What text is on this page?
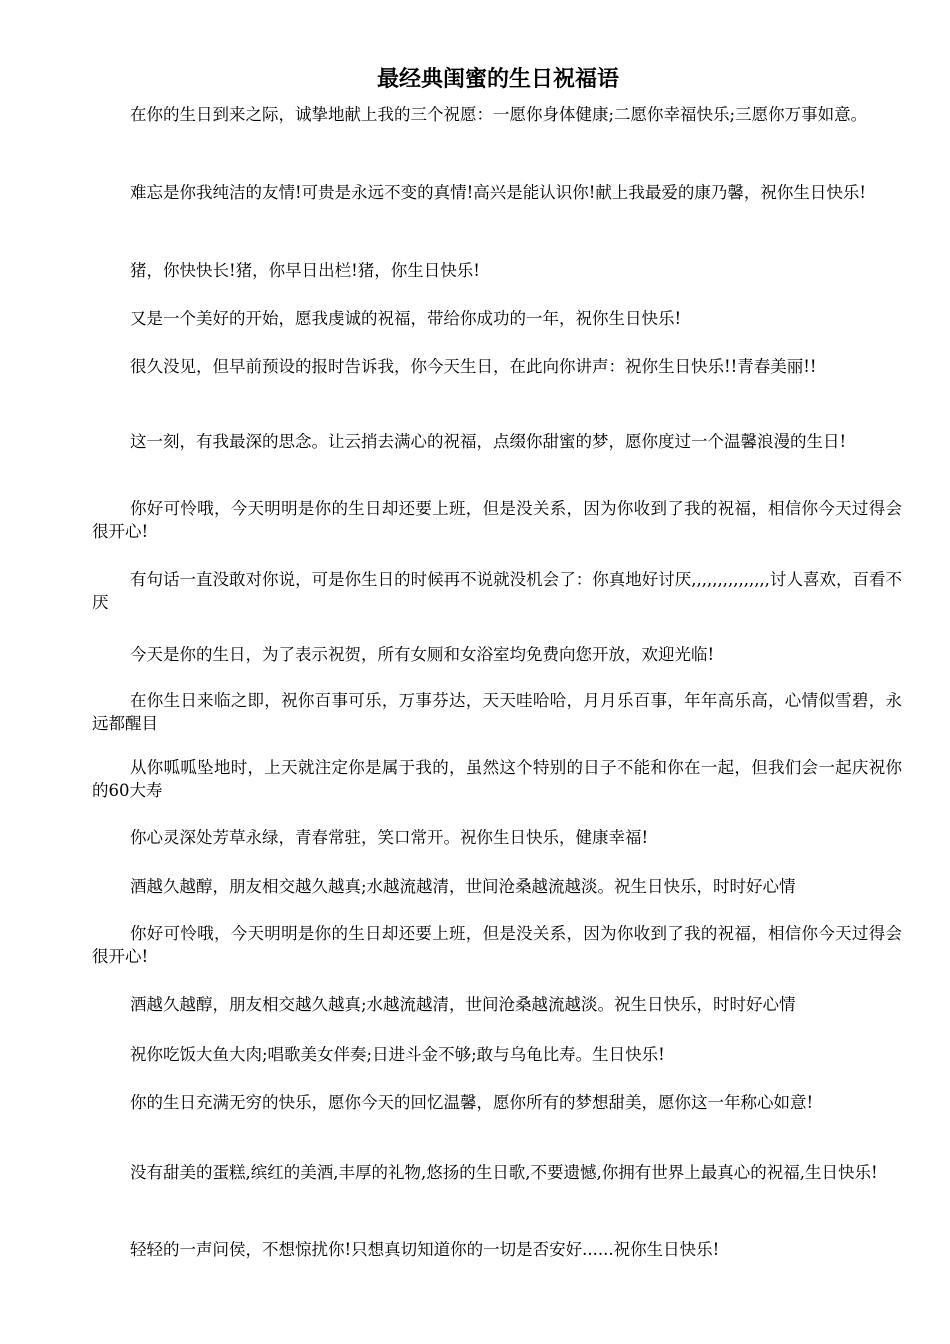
最经典闺蜜的生日祝福语

在你的生日到来之际，诚挚地献上我的三个祝愿：一愿你身体健康;二愿你幸福快乐;三愿你万事如意。

难忘是你我纯洁的友情!可贵是永远不变的真情!高兴是能认识你!献上我最爱的康乃馨，祝你生日快乐!

猪，你快快长!猪，你早日出栏!猪，你生日快乐!

又是一个美好的开始，愿我虔诚的祝福，带给你成功的一年，祝你生日快乐!

很久没见，但早前预设的报时告诉我，你今天生日，在此向你讲声：祝你生日快乐!!青春美丽!!

这一刻，有我最深的思念。让云捎去满心的祝福，点缀你甜蜜的梦，愿你度过一个温馨浪漫的生日!

你好可怜哦，今天明明是你的生日却还要上班，但是没关系，因为你收到了我的祝福，相信你今天过得会很开心!

有句话一直没敢对你说，可是你生日的时候再不说就没机会了：你真地好讨厌,,,,,,,,,,,,,,,讨人喜欢，百看不厌

今天是你的生日，为了表示祝贺，所有女厕和女浴室均免费向您开放，欢迎光临!

在你生日来临之即，祝你百事可乐，万事芬达，天天哇哈哈，月月乐百事，年年高乐高，心情似雪碧，永远都醒目

从你呱呱坠地时，上天就注定你是属于我的，虽然这个特别的日子不能和你在一起，但我们会一起庆祝你的60大寿

你心灵深处芳草永绿，青春常驻，笑口常开。祝你生日快乐，健康幸福!

酒越久越醇，朋友相交越久越真;水越流越清，世间沧桑越流越淡。祝生日快乐，时时好心情

你好可怜哦，今天明明是你的生日却还要上班，但是没关系，因为你收到了我的祝福，相信你今天过得会很开心!

酒越久越醇，朋友相交越久越真;水越流越清，世间沧桑越流越淡。祝生日快乐，时时好心情

祝你吃饭大鱼大肉;唱歌美女伴奏;日进斗金不够;敢与乌龟比寿。生日快乐!

你的生日充满无穷的快乐，愿你今天的回忆温馨，愿你所有的梦想甜美，愿你这一年称心如意!

没有甜美的蛋糕,缤红的美酒,丰厚的礼物,悠扬的生日歌,不要遗憾,你拥有世界上最真心的祝福,生日快乐!

轻轻的一声问侯，不想惊扰你!只想真切知道你的一切是否安好......祝你生日快乐!
